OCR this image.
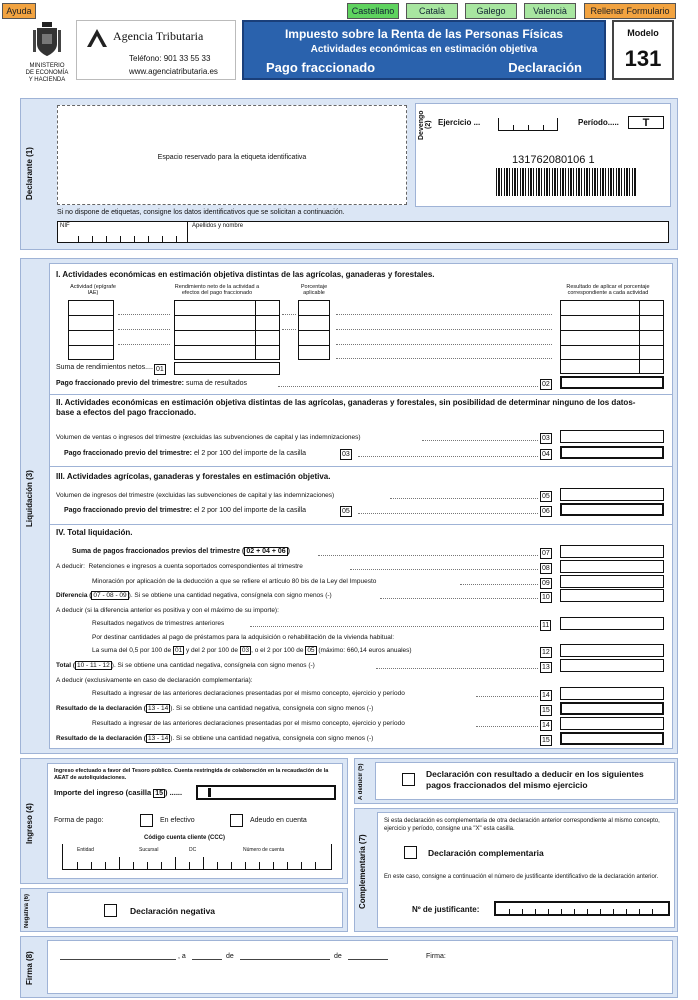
Ayuda	Castellano	Català	Galego	Valencià	Rellenar Formulario
MINISTERIO
DE ECONOMÍA
Y HACIENDA
Agencia Tributaria
Teléfono: 901 33 55 33
www.agenciatributaria.es
Impuesto sobre la Renta de las Personas Físicas
Actividades económicas en estimación objetiva
Pago fraccionado	Declaración
Modelo
131
Declarante (1)	Espacio reservado para la etiqueta identificativa
Devengo (2) Ejercicio ...	Período.....	T
131762080106 1
Si no dispone de etiquetas, consigne los datos identificativos que se solicitan a continuación.
NIF	Apellidos y nombre
Liquidación (3)
I. Actividades económicas en estimación objetiva distintas de las agrícolas, ganaderas y forestales.
Actividad (epígrafe IAE)
Rendimiento neto de la actividad a efectos del pago fraccionado
Porcentaje aplicable
Resultado de aplicar el porcentaje correspondiente a cada actividad
Suma de rendimientos netos.... 01
Pago fraccionado previo del trimestre: suma de resultados	02
II. Actividades económicas en estimación objetiva distintas de las agrícolas, ganaderas y forestales, sin posibilidad de determinar ninguno de los datos-base a efectos del pago fraccionado.
Volumen de ventas o ingresos del trimestre (excluidas las subvenciones de capital y las indemnizaciones)	03
Pago fraccionado previo del trimestre: el 2 por 100 del importe de la casilla	03	04
III. Actividades agrícolas, ganaderas y forestales en estimación objetiva.
Volumen de ingresos del trimestre (excluidas las subvenciones de capital y las indemnizaciones)	05
Pago fraccionado previo del trimestre: el 2 por 100 del importe de la casilla	05	06
IV. Total liquidación.
Suma de pagos fraccionados previos del trimestre ( 02 + 04 + 06 )	07
A deducir: Retenciones e ingresos a cuenta soportados correspondientes al trimestre	08
Minoración por aplicación de la deducción a que se refiere el artículo 80 bis de la Ley del Impuesto	09
Diferencia ( 07 - 08 - 09 ). Si se obtiene una cantidad negativa, consígnela con signo menos (-)	10
A deducir (si la diferencia anterior es positiva y con el máximo de su importe):
Resultados negativos de trimestres anteriores	11
Por destinar cantidades al pago de préstamos para la adquisición o rehabilitación de la vivienda habitual:
La suma del 0,5 por 100 de 01 y del 2 por 100 de 03 , o el 2 por 100 de 05 (máximo: 660,14 euros anuales)	12
Total ( 10 - 11 - 12 ). Si se obtiene una cantidad negativa, consígnela con signo menos (-)	13
A deducir (exclusivamente en caso de declaración complementaria):
Resultado a ingresar de las anteriores declaraciones presentadas por el mismo concepto, ejercicio y período	14
Resultado de la declaración ( 13 - 14 ). Si se obtiene una cantidad negativa, consígnela con signo menos (-)	15
Resultado a ingresar de las anteriores declaraciones presentadas por el mismo concepto, ejercicio y período	14
Resultado de la declaración ( 13 - 14 ). Si se obtiene una cantidad negativa, consígnela con signo menos (-)	15
Ingreso (4)
Ingreso efectuado a favor del Tesoro público. Cuenta restringida de colaboración en la recaudación de la AEAT de autoliquidaciones.
Importe del ingreso (casilla 15 ) ......
Forma de pago:	En efectivo	Adeudo en cuenta
Código cuenta cliente (CCC)
Entidad	Sucursal	DC	Número de cuenta
A deducir (5)	Declaración con resultado a deducir en los siguientes pagos fraccionados del mismo ejercicio
Complementaria (7)
Si esta declaración es complementaria de otra declaración anterior correspondiente al mismo concepto, ejercicio y período, consigne una "X" esta casilla.
Declaración complementaria
En este caso, consigne a continuación el número de justificante identificativo de la declaración anterior.
Nº de justificante:
Negativa (6)	Declaración negativa
Firma (8)	, a	de	de	Firma:
